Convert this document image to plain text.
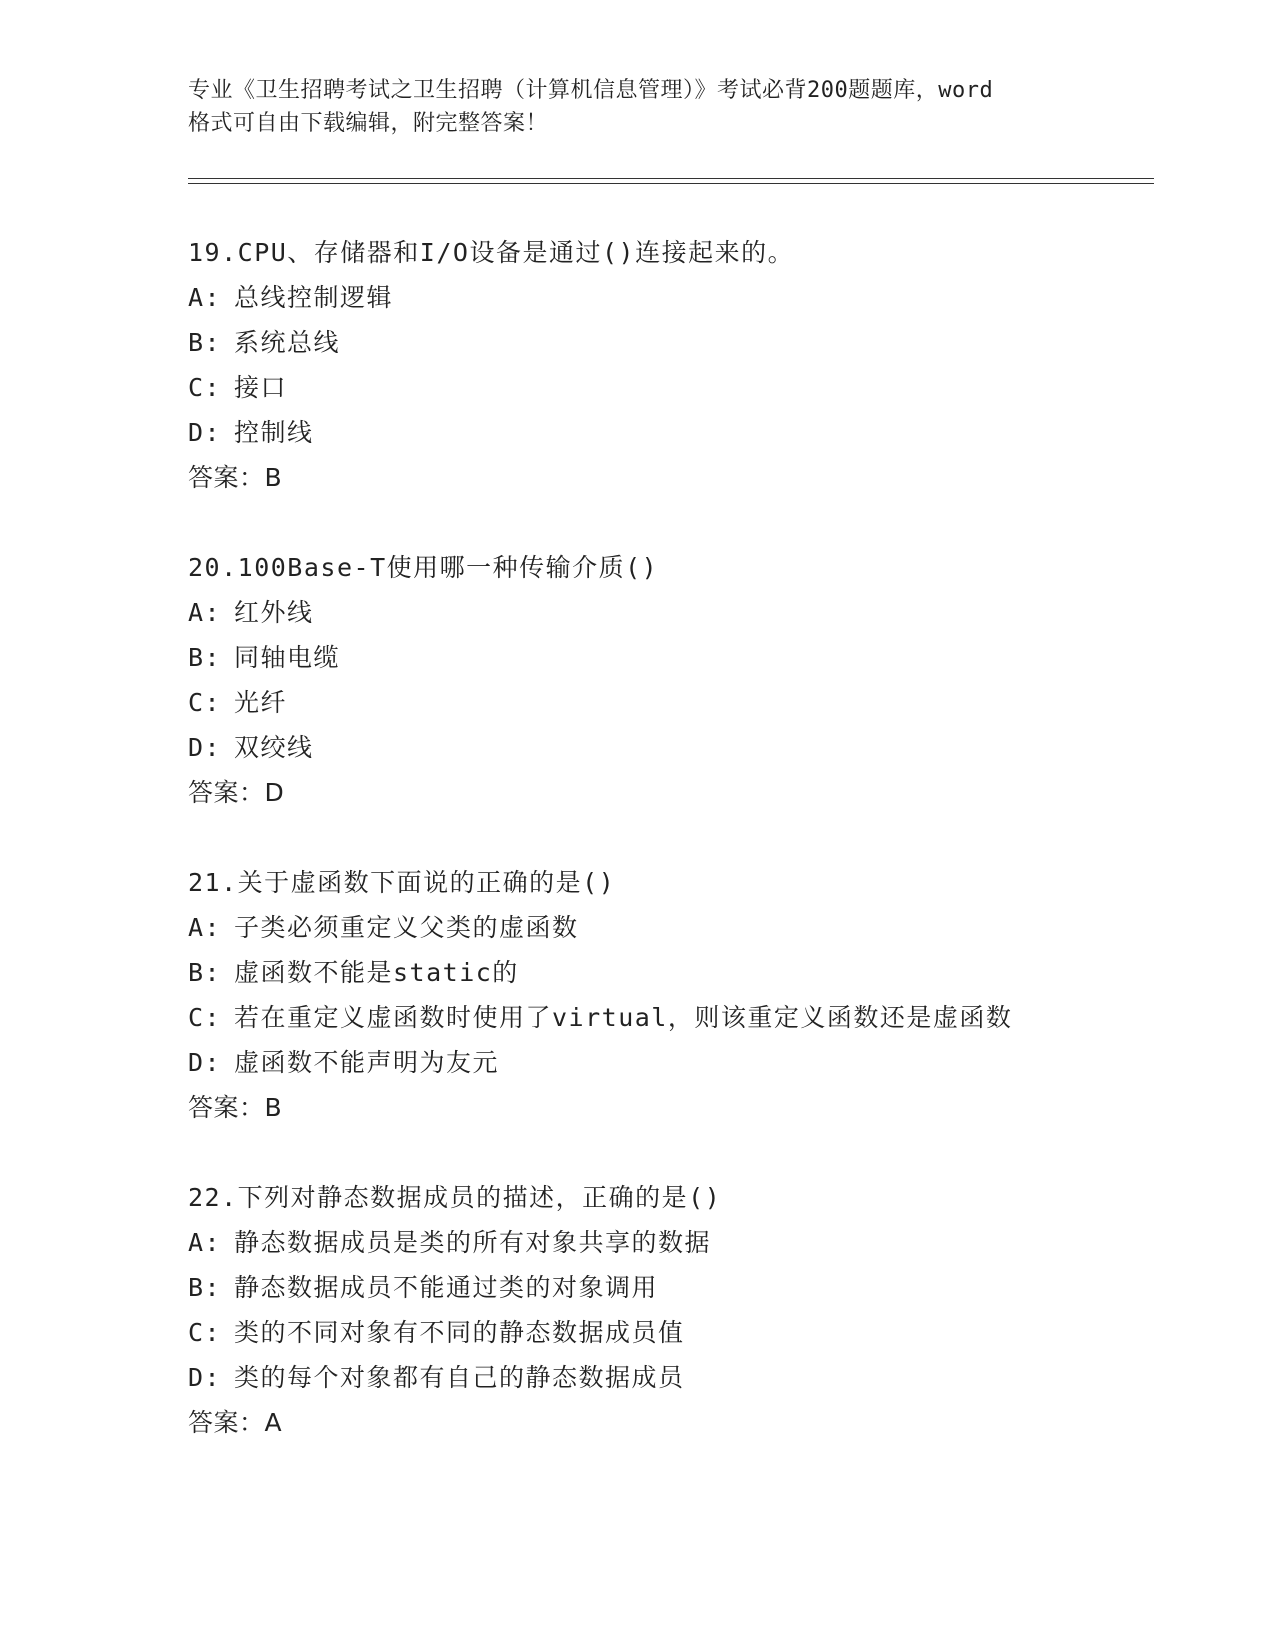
专业《卫生招聘考试之卫生招聘（计算机信息管理）》考试必背200题题库，word
格式可自由下载编辑，附完整答案！
19.CPU、存储器和I/O设备是通过()连接起来的。
A: 总线控制逻辑
B: 系统总线
C: 接口
D: 控制线
答案：B
20.100Base-T使用哪一种传输介质()
A: 红外线
B: 同轴电缆
C: 光纤
D: 双绞线
答案：D
21.关于虚函数下面说的正确的是()
A: 子类必须重定义父类的虚函数
B: 虚函数不能是static的
C: 若在重定义虚函数时使用了virtual，则该重定义函数还是虚函数
D: 虚函数不能声明为友元
答案：B
22.下列对静态数据成员的描述，正确的是()
A: 静态数据成员是类的所有对象共享的数据
B: 静态数据成员不能通过类的对象调用
C: 类的不同对象有不同的静态数据成员值
D: 类的每个对象都有自己的静态数据成员
答案：A
